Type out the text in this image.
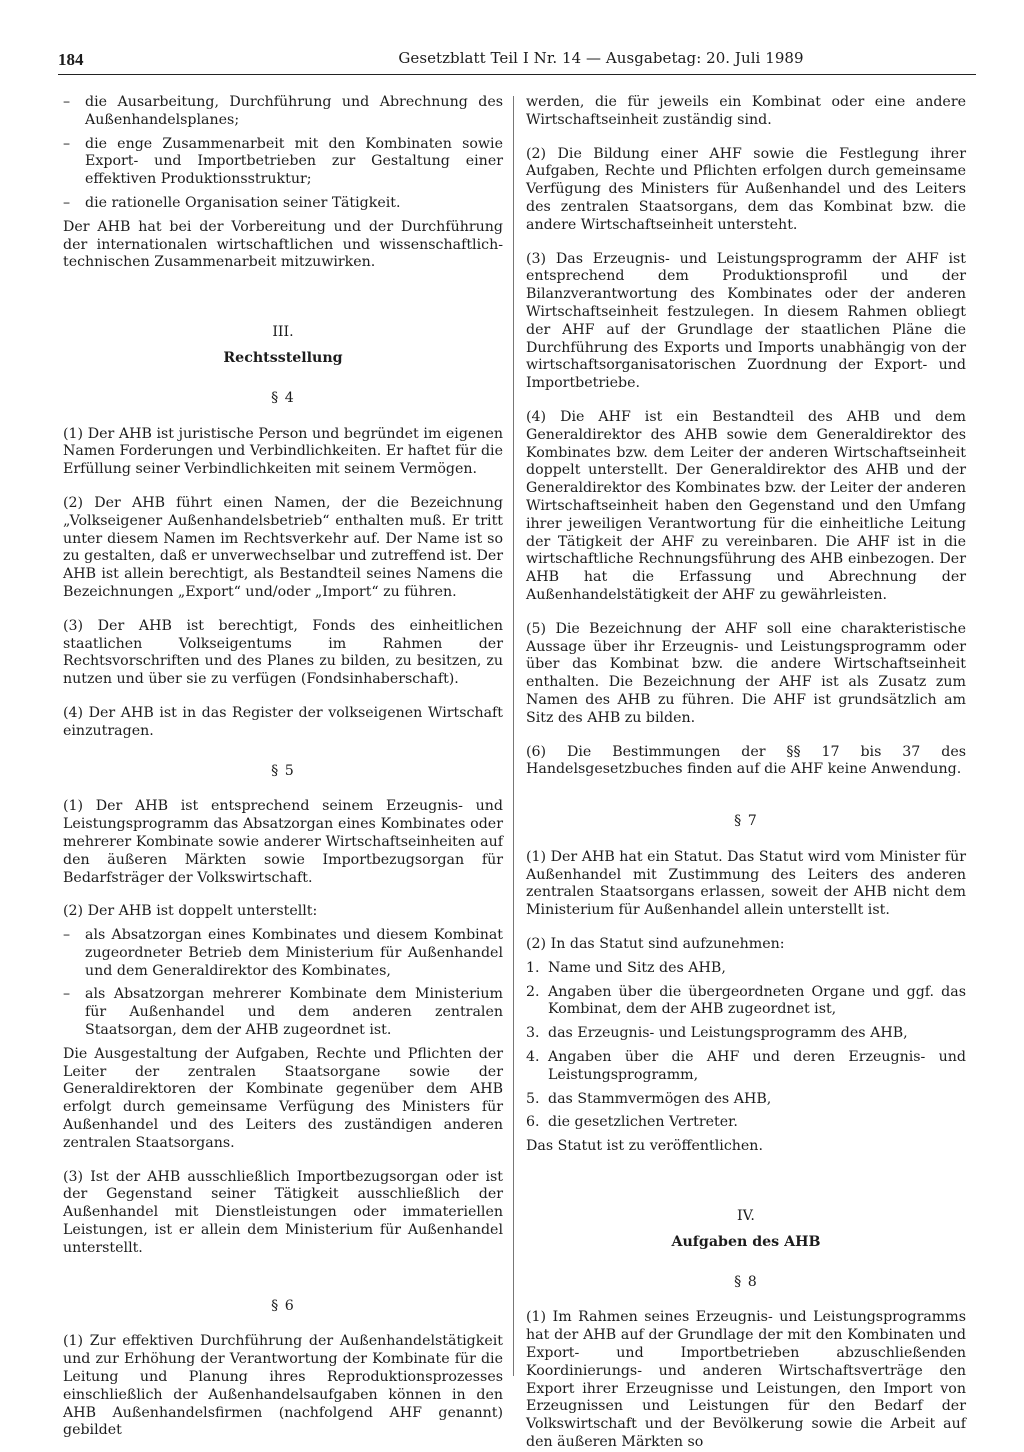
184	Gesetzblatt Teil I Nr. 14 — Ausgabetag: 20. Juli 1989
– die Ausarbeitung, Durchführung und Abrechnung des Außenhandelsplanes;
– die enge Zusammenarbeit mit den Kombinaten sowie Export- und Importbetrieben zur Gestaltung einer effektiven Produktionsstruktur;
– die rationelle Organisation seiner Tätigkeit.

Der AHB hat bei der Vorbereitung und der Durchführung der internationalen wirtschaftlichen und wissenschaftlich-technischen Zusammenarbeit mitzuwirken.

III.

Rechtsstellung

§ 4

(1) Der AHB ist juristische Person und begründet im eigenen Namen Forderungen und Verbindlichkeiten. Er haftet für die Erfüllung seiner Verbindlichkeiten mit seinem Vermögen.

(2) Der AHB führt einen Namen, der die Bezeichnung „Volkseigener Außenhandelsbetrieb“ enthalten muß. Er tritt unter diesem Namen im Rechtsverkehr auf. Der Name ist so zu gestalten, daß er unverwechselbar und zutreffend ist. Der AHB ist allein berechtigt, als Bestandteil seines Namens die Bezeichnungen „Export“ und/oder „Import“ zu führen.

(3) Der AHB ist berechtigt, Fonds des einheitlichen staatlichen Volkseigentums im Rahmen der Rechtsvorschriften und des Planes zu bilden, zu besitzen, zu nutzen und über sie zu verfügen (Fondsinhaberschaft).

(4) Der AHB ist in das Register der volkseigenen Wirtschaft einzutragen.

§ 5

(1) Der AHB ist entsprechend seinem Erzeugnis- und Leistungsprogramm das Absatzorgan eines Kombinates oder mehrerer Kombinate sowie anderer Wirtschaftseinheiten auf den äußeren Märkten sowie Importbezugsorgan für Bedarfsträger der Volkswirtschaft.

(2) Der AHB ist doppelt unterstellt:

– als Absatzorgan eines Kombinates und diesem Kombinat zugeordneter Betrieb dem Ministerium für Außenhandel und dem Generaldirektor des Kombinates,
– als Absatzorgan mehrerer Kombinate dem Ministerium für Außenhandel und dem anderen zentralen Staatsorgan, dem der AHB zugeordnet ist.

Die Ausgestaltung der Aufgaben, Rechte und Pflichten der Leiter der zentralen Staatsorgane sowie der Generaldirektoren der Kombinate gegenüber dem AHB erfolgt durch gemeinsame Verfügung des Ministers für Außenhandel und des Leiters des zuständigen anderen zentralen Staatsorgans.

(3) Ist der AHB ausschließlich Importbezugsorgan oder ist der Gegenstand seiner Tätigkeit ausschließlich der Außenhandel mit Dienstleistungen oder immateriellen Leistungen, ist er allein dem Ministerium für Außenhandel unterstellt.

§ 6

(1) Zur effektiven Durchführung der Außenhandelstätigkeit und zur Erhöhung der Verantwortung der Kombinate für die Leitung und Planung ihres Reproduktionsprozesses einschließlich der Außenhandelsaufgaben können in den AHB Außenhandelsfirmen (nachfolgend AHF genannt) gebildet

werden, die für jeweils ein Kombinat oder eine andere Wirtschaftseinheit zuständig sind.

(2) Die Bildung einer AHF sowie die Festlegung ihrer Aufgaben, Rechte und Pflichten erfolgen durch gemeinsame Verfügung des Ministers für Außenhandel und des Leiters des zentralen Staatsorgans, dem das Kombinat bzw. die andere Wirtschaftseinheit untersteht.

(3) Das Erzeugnis- und Leistungsprogramm der AHF ist entsprechend dem Produktionsprofil und der Bilanzverantwortung des Kombinates oder der anderen Wirtschaftseinheit festzulegen. In diesem Rahmen obliegt der AHF auf der Grundlage der staatlichen Pläne die Durchführung des Exports und Imports unabhängig von der wirtschaftsorganisatorischen Zuordnung der Export- und Importbetriebe.

(4) Die AHF ist ein Bestandteil des AHB und dem Generaldirektor des AHB sowie dem Generaldirektor des Kombinates bzw. dem Leiter der anderen Wirtschaftseinheit doppelt unterstellt. Der Generaldirektor des AHB und der Generaldirektor des Kombinates bzw. der Leiter der anderen Wirtschaftseinheit haben den Gegenstand und den Umfang ihrer jeweiligen Verantwortung für die einheitliche Leitung der Tätigkeit der AHF zu vereinbaren. Die AHF ist in die wirtschaftliche Rechnungsführung des AHB einbezogen. Der AHB hat die Erfassung und Abrechnung der Außenhandelstätigkeit der AHF zu gewährleisten.

(5) Die Bezeichnung der AHF soll eine charakteristische Aussage über ihr Erzeugnis- und Leistungsprogramm oder über das Kombinat bzw. die andere Wirtschaftseinheit enthalten. Die Bezeichnung der AHF ist als Zusatz zum Namen des AHB zu führen. Die AHF ist grundsätzlich am Sitz des AHB zu bilden.

(6) Die Bestimmungen der §§ 17 bis 37 des Handelsgesetzbuches finden auf die AHF keine Anwendung.

§ 7

(1) Der AHB hat ein Statut. Das Statut wird vom Minister für Außenhandel mit Zustimmung des Leiters des anderen zentralen Staatsorgans erlassen, soweit der AHB nicht dem Ministerium für Außenhandel allein unterstellt ist.

(2) In das Statut sind aufzunehmen:

1. Name und Sitz des AHB,
2. Angaben über die übergeordneten Organe und ggf. das Kombinat, dem der AHB zugeordnet ist,
3. das Erzeugnis- und Leistungsprogramm des AHB,
4. Angaben über die AHF und deren Erzeugnis- und Leistungsprogramm,
5. das Stammvermögen des AHB,
6. die gesetzlichen Vertreter.

Das Statut ist zu veröffentlichen.

IV.

Aufgaben des AHB

§ 8

(1) Im Rahmen seines Erzeugnis- und Leistungsprogramms hat der AHB auf der Grundlage der mit den Kombinaten und Export- und Importbetrieben abzuschließenden Koordinierungs- und anderen Wirtschaftsverträge den Export ihrer Erzeugnisse und Leistungen, den Import von Erzeugnissen und Leistungen für den Bedarf der Volkswirtschaft und der Bevölkerung sowie die Arbeit auf den äußeren Märkten so
